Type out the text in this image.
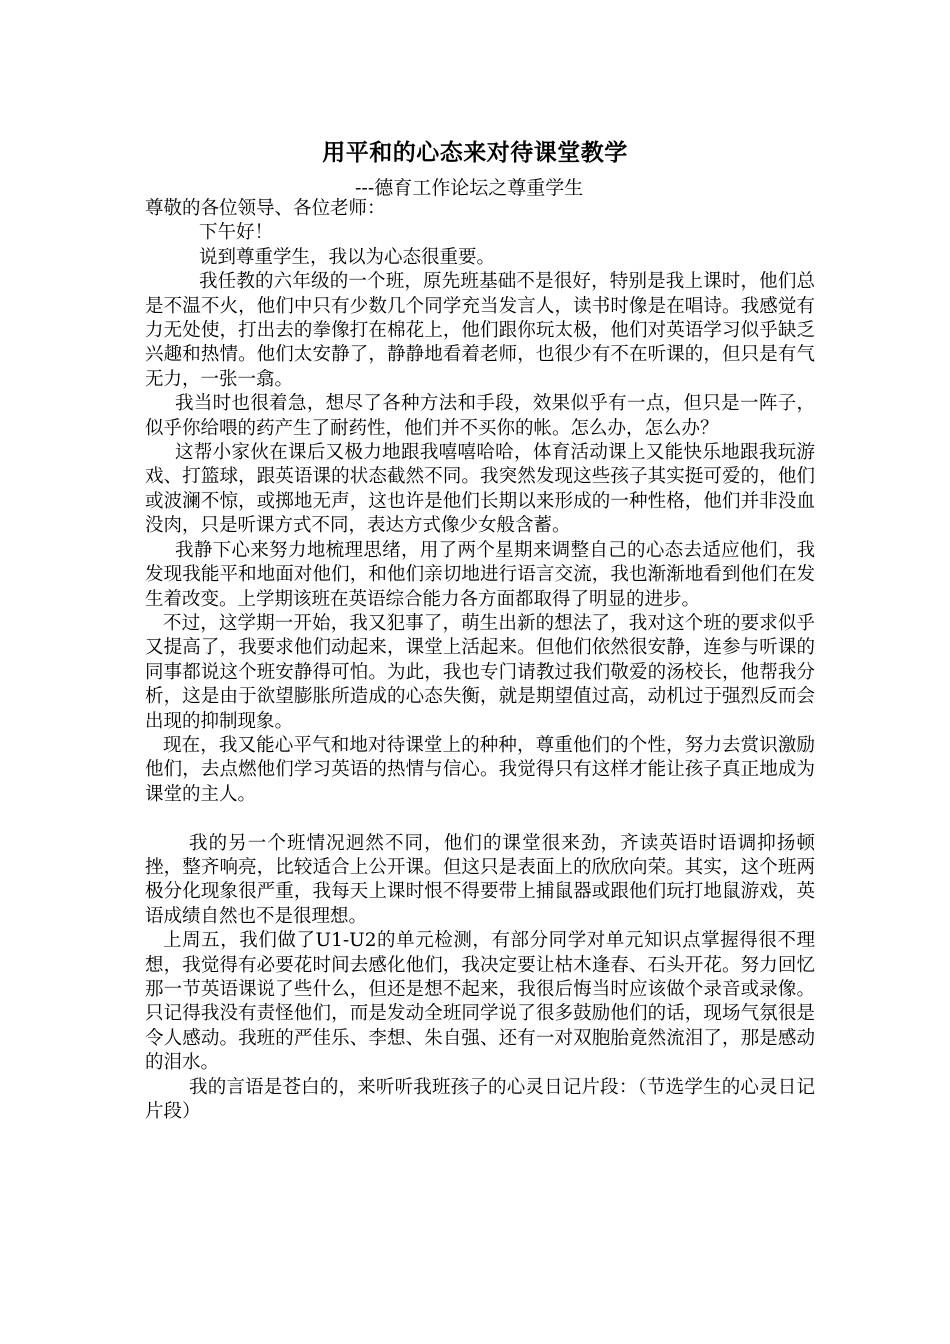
用平和的心态来对待课堂教学
---德育工作论坛之尊重学生

尊敬的各位领导、各位老师：

下午好！

说到尊重学生，我以为心态很重要。

我任教的六年级的一个班，原先班基础不是很好，特别是我上课时，他们总是不温不火，他们中只有少数几个同学充当发言人，读书时像是在唱诗。我感觉有力无处使，打出去的拳像打在棉花上，他们跟你玩太极，他们对英语学习似乎缺乏兴趣和热情。他们太安静了，静静地看着老师，也很少有不在听课的，但只是有气无力，一张一翕。

我当时也很着急，想尽了各种方法和手段，效果似乎有一点，但只是一阵子，似乎你给喂的药产生了耐药性，他们并不买你的帐。怎么办，怎么办？

这帮小家伙在课后又极力地跟我嘻嘻哈哈，体育活动课上又能快乐地跟我玩游戏、打篮球，跟英语课的状态截然不同。我突然发现这些孩子其实挺可爱的，他们或波澜不惊，或掷地无声，这也许是他们长期以来形成的一种性格，他们并非没血没肉，只是听课方式不同，表达方式像少女般含蓄。

我静下心来努力地梳理思绪，用了两个星期来调整自己的心态去适应他们，我发现我能平和地面对他们，和他们亲切地进行语言交流，我也渐渐地看到他们在发生着改变。上学期该班在英语综合能力各方面都取得了明显的进步。

不过，这学期一开始，我又犯事了，萌生出新的想法了，我对这个班的要求似乎又提高了，我要求他们动起来，课堂上活起来。但他们依然很安静，连参与听课的同事都说这个班安静得可怕。为此，我也专门请教过我们敬爱的汤校长，他帮我分析，这是由于欲望膨胀所造成的心态失衡，就是期望值过高，动机过于强烈反而会出现的抑制现象。

现在，我又能心平气和地对待课堂上的种种，尊重他们的个性，努力去赏识激励他们，去点燃他们学习英语的热情与信心。我觉得只有这样才能让孩子真正地成为课堂的主人。

我的另一个班情况迥然不同，他们的课堂很来劲，齐读英语时语调抑扬顿挫，整齐响亮，比较适合上公开课。但这只是表面上的欣欣向荣。其实，这个班两极分化现象很严重，我每天上课时恨不得要带上捕鼠器或跟他们玩打地鼠游戏，英语成绩自然也不是很理想。

上周五，我们做了U1-U2的单元检测，有部分同学对单元知识点掌握得很不理想，我觉得有必要花时间去感化他们，我决定要让枯木逢春、石头开花。努力回忆那一节英语课说了些什么，但还是想不起来，我很后悔当时应该做个录音或录像。只记得我没有责怪他们，而是发动全班同学说了很多鼓励他们的话，现场气氛很是令人感动。我班的严佳乐、李想、朱自强、还有一对双胞胎竟然流泪了，那是感动的泪水。

我的言语是苍白的，来听听我班孩子的心灵日记片段：（节选学生的心灵日记片段）
